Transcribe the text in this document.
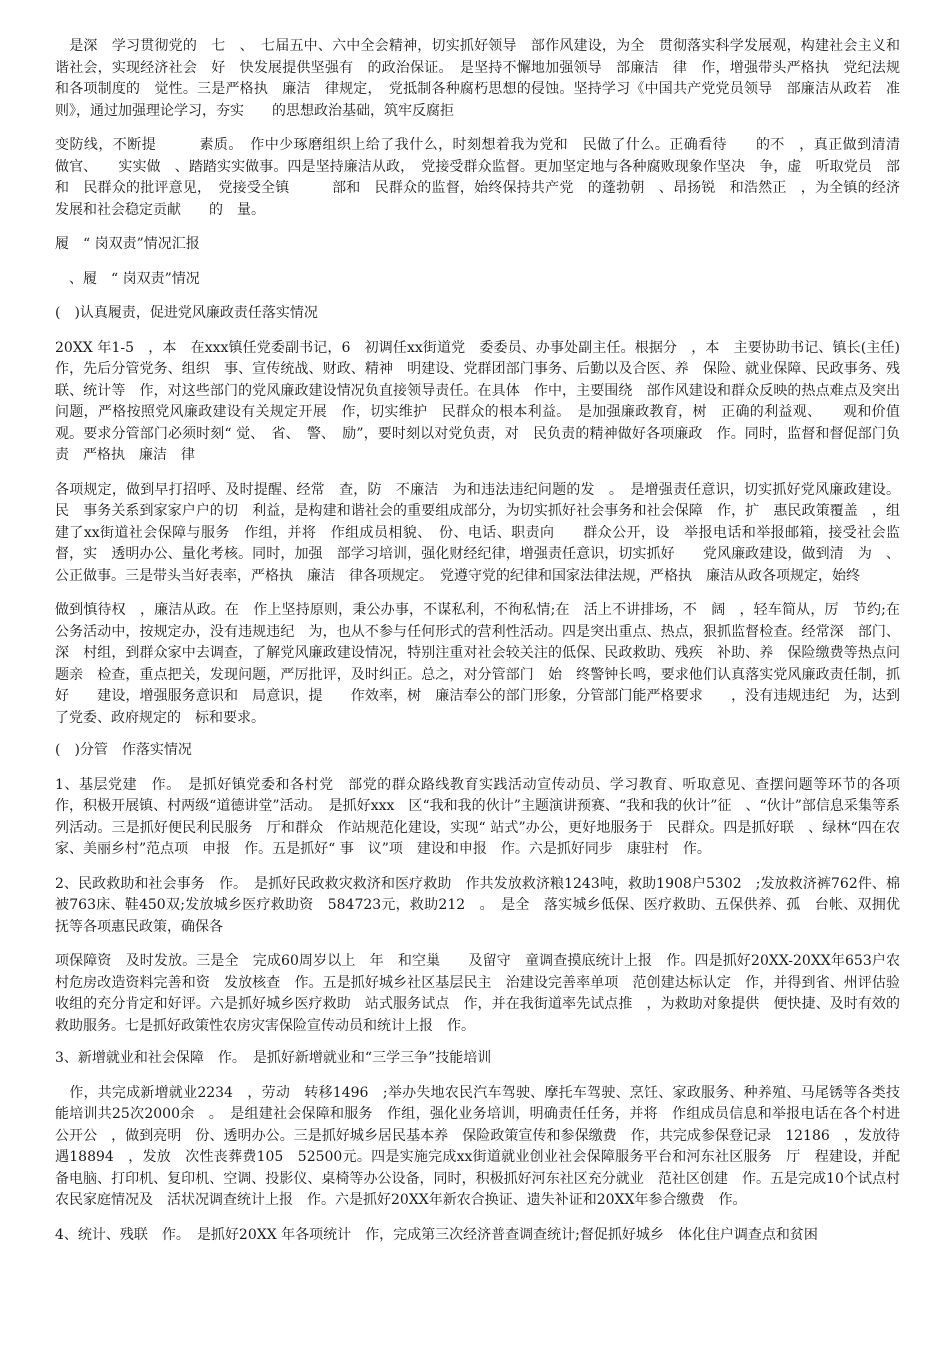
　是深　学习贯彻党的　七　、　七届五中、六中全会精神，切实抓好领导　部作风建设，为全　贯彻落实科学发展观，构建社会主义和谐社会，实现经济社会　好　快发展提供坚强有　的政治保证。　是坚持不懈地加强领导　部廉洁　律　作，增强带头严格执　党纪法规和各项制度的　觉性。三是严格执　廉洁　律规定，　党抵制各种腐朽思想的侵蚀。坚持学习《中国共产党党员领导　部廉洁从政若　准则》，通过加强理论学习，夯实　　的思想政治基础，筑牢反腐拒

变防线，不断提　　　素质。　作中少琢磨组织上给了我什么，时刻想着我为党和　民做了什么。正确看待　　的不　，真正做到清清　　做官、　　实实做　、踏踏实实做事。四是坚持廉洁从政，　党接受群众监督。更加坚定地与各种腐败现象作坚决　争，虚　听取党员　部和　民群众的批评意见，　党接受全镇　　　部和　民群众的监督，始终保持共产党　的蓬勃朝　、昂扬锐　和浩然正　，为全镇的经济发展和社会稳定贡献　　的　量。

履　“ 岗双责”情况汇报

　、履　“ 岗双责”情况

(　)认真履责，促进党风廉政责任落实情况

20XX 年1-5　，本　在xxx镇任党委副书记，6　初调任xx街道党　委委员、办事处副主任。根据分　，本　主要协助书记、镇长(主任)　作，先后分管党务、组织　事、宣传统战、财政、精神　明建设、党群团部门事务、后勤以及合医、养　保险、就业保障、民政事务、残联、统计等　作，对这些部门的党风廉政建设情况负直接领导责任。在具体　作中，主要围绕　部作风建设和群众反映的热点难点及突出问题，严格按照党风廉政建设有关规定开展　作，切实维护　民群众的根本利益。　是加强廉政教育，树　正确的利益观、　　观和价值观。要求分管部门必须时刻“ 觉、　省、　警、　励”，要时刻以对党负责，对　民负责的精神做好各项廉政　作。同时，监督和督促部门负责　严格执　廉洁　律

各项规定，做到早打招呼、及时提醒、经常　查，防　不廉洁　为和违法违纪问题的发　。　是增强责任意识，切实抓好党风廉政建设。民　事务关系到家家户户的切　利益，是构建和谐社会的重要组成部分，为切实抓好社会事务和社会保障　作，扩　惠民政策覆盖　，组建了xx街道社会保障与服务　作组，并将　作组成员相貌、　份、电话、职责向　　群众公开，设　举报电话和举报邮箱，接受社会监督，实　透明办公、量化考核。同时，加强　部学习培训，强化财经纪律，增强责任意识，切实抓好　　党风廉政建设，做到清　为　、公正做事。三是带头当好表率，严格执　廉洁　律各项规定。　党遵守党的纪律和国家法律法规，严格执　廉洁从政各项规定，始终

做到慎待权　，廉洁从政。在　作上坚持原则，秉公办事，不谋私利，不徇私情;在　活上不讲排场，不　阔　，轻车简从，厉　节约;在公务活动中，按规定办，没有违规违纪　为，也从不参与任何形式的营利性活动。四是突出重点、热点，狠抓监督检查。经常深　部门、深　村组，到群众家中去调查，了解党风廉政建设情况，特别注重对社会较关注的低保、民政救助、残疾　补助、养　保险缴费等热点问题亲　检查，重点把关，发现问题，严厉批评，及时纠正。总之，对分管部门　始　终警钟长鸣，要求他们认真落实党风廉政责任制，抓好　　建设，增强服务意识和　局意识，提　　作效率，树　廉洁奉公的部门形象，分管部门能严格要求　　，没有违规违纪　为，达到了党委、政府规定的　标和要求。

(　)分管　作落实情况

1、基层党建　作。　是抓好镇党委和各村党　部党的群众路线教育实践活动宣传动员、学习教育、听取意见、查摆问题等环节的各项　作，积极开展镇、村两级“道德讲堂”活动。　是抓好xxx　区“我和我的伙计”主题演讲预赛、“我和我的伙计”征　、“伙计”部信息采集等系列活动。三是抓好便民利民服务　厅和群众　作站规范化建设，实现“ 站式”办公，更好地服务于　民群众。四是抓好联　、绿林“四在农家、美丽乡村”范点项　申报　作。五是抓好“ 事　议”项　建设和申报　作。六是抓好同步　康驻村　作。

2、民政救助和社会事务　作。　是抓好民政救灾救济和医疗救助　作共发放救济粮1243吨，救助1908户5302　;发放救济裤762件、棉被763床、鞋450双;发放城乡医疗救助资　584723元，救助212　。　是全　落实城乡低保、医疗救助、五保供养、孤　台帐、双拥优抚等各项惠民政策，确保各

项保障资　及时发放。三是全　完成60周岁以上　年　和空巢　　及留守　童调查摸底统计上报　作。四是抓好20XX-20XX年653户农村危房改造资料完善和资　发放核查　作。五是抓好城乡社区基层民主　治建设完善率单项　范创建达标认定　作，并得到省、州评估验收组的充分肯定和好评。六是抓好城乡医疗救助　站式服务试点　作，并在我街道率先试点推　，为救助对象提供　便快捷、及时有效的救助服务。七是抓好政策性农房灾害保险宣传动员和统计上报　作。

3、新增就业和社会保障　作。　是抓好新增就业和“三学三争”技能培训

　作，共完成新增就业2234　，劳动　转移1496　;举办失地农民汽车驾驶、摩托车驾驶、烹饪、家政服务、种养殖、马尾锈等各类技能培训共25次2000余　。　是组建社会保障和服务　作组，强化业务培训，明确责任任务，并将　作组成员信息和举报电话在各个村进　公开公　，做到亮明　份、透明办公。三是抓好城乡居民基本养　保险政策宣传和参保缴费　作，共完成参保登记录　12186　，发放待遇18894　，发放　次性丧葬费105　52500元。四是实施完成xx街道就业创业社会保障服务平台和河东社区服务　厅　程建设，并配备电脑、打印机、复印机、空调、投影仪、桌椅等办公设备，同时，积极抓好河东社区充分就业　范社区创建　作。五是完成10个试点村农民家庭情况及　活状况调查统计上报　作。六是抓好20XX年新农合换证、遗失补证和20XX年参合缴费　作。

4、统计、残联　作。　是抓好20XX 年各项统计　作，完成第三次经济普查调查统计;督促抓好城乡　体化住户调查点和贫困
